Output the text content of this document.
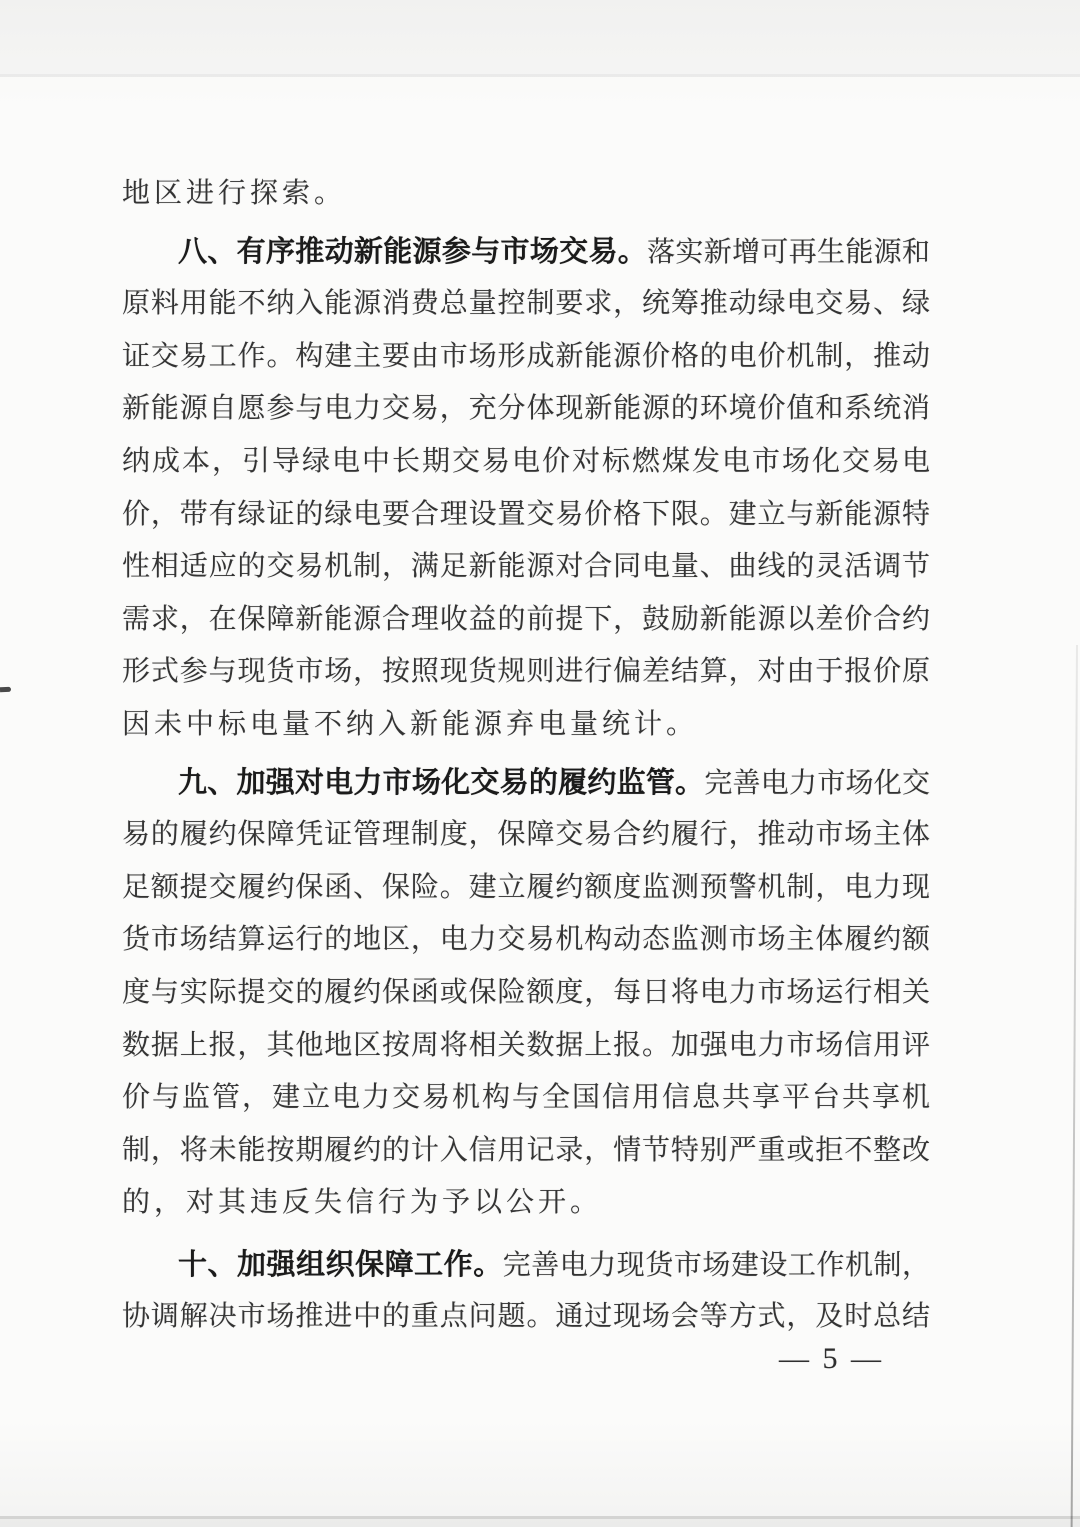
地区进行探索。
八、有序推动新能源参与市场交易。落实新增可再生能源和
原料用能不纳入能源消费总量控制要求，统筹推动绿电交易、绿
证交易工作。构建主要由市场形成新能源价格的电价机制，推动
新能源自愿参与电力交易，充分体现新能源的环境价值和系统消
纳成本，引导绿电中长期交易电价对标燃煤发电市场化交易电
价，带有绿证的绿电要合理设置交易价格下限。建立与新能源特
性相适应的交易机制，满足新能源对合同电量、曲线的灵活调节
需求，在保障新能源合理收益的前提下，鼓励新能源以差价合约
形式参与现货市场，按照现货规则进行偏差结算，对由于报价原
因未中标电量不纳入新能源弃电量统计。
九、加强对电力市场化交易的履约监管。完善电力市场化交
易的履约保障凭证管理制度，保障交易合约履行，推动市场主体
足额提交履约保函、保险。建立履约额度监测预警机制，电力现
货市场结算运行的地区，电力交易机构动态监测市场主体履约额
度与实际提交的履约保函或保险额度，每日将电力市场运行相关
数据上报，其他地区按周将相关数据上报。加强电力市场信用评
价与监管，建立电力交易机构与全国信用信息共享平台共享机
制，将未能按期履约的计入信用记录，情节特别严重或拒不整改
的，对其违反失信行为予以公开。
十、加强组织保障工作。完善电力现货市场建设工作机制，
协调解决市场推进中的重点问题。通过现场会等方式，及时总结
— 5 —
